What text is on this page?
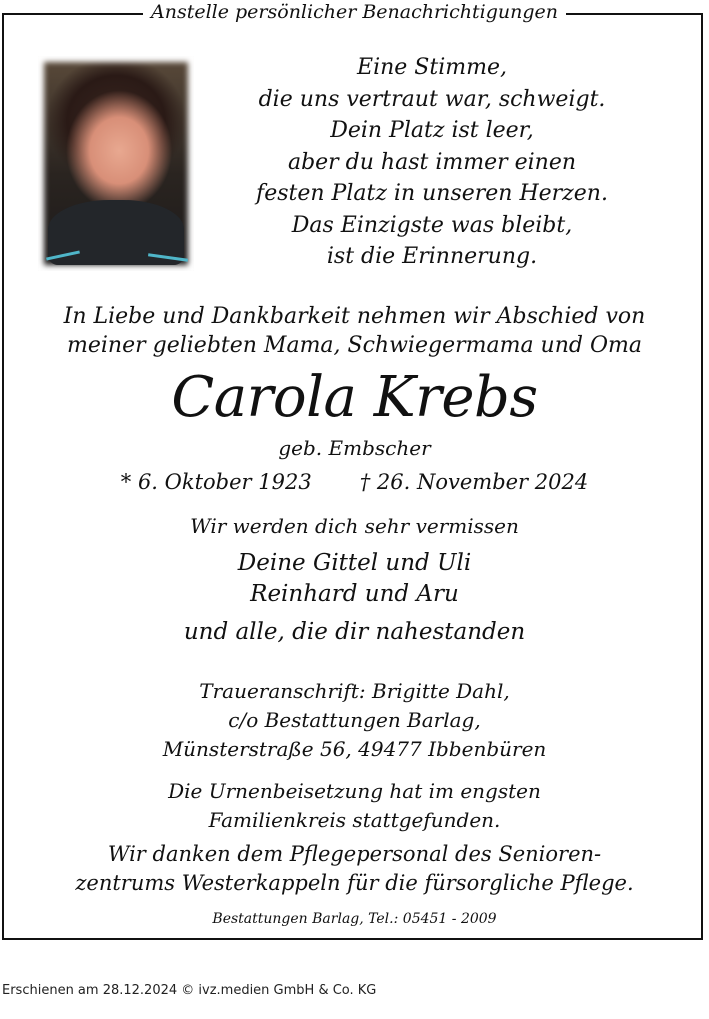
Anstelle persönlicher Benachrichtigungen
Eine Stimme,
die uns vertraut war, schweigt.
Dein Platz ist leer,
aber du hast immer einen
festen Platz in unseren Herzen.
Das Einzigste was bleibt,
ist die Erinnerung.
In Liebe und Dankbarkeit nehmen wir Abschied von
meiner geliebten Mama, Schwiegermama und Oma
Carola Krebs
geb. Embscher
* 6. Oktober 1923 † 26. November 2024
Wir werden dich sehr vermissen
Deine Gittel und Uli
Reinhard und Aru
und alle, die dir nahestanden
Traueranschrift: Brigitte Dahl,
c/o Bestattungen Barlag,
Münsterstraße 56, 49477 Ibbenbüren
Die Urnenbeisetzung hat im engsten
Familienkreis stattgefunden.
Wir danken dem Pflegepersonal des Senioren-
zentrums Westerkappeln für die fürsorgliche Pflege.
Bestattungen Barlag, Tel.: 05451 - 2009
Erschienen am 28.12.2024 © ivz.medien GmbH & Co. KG
